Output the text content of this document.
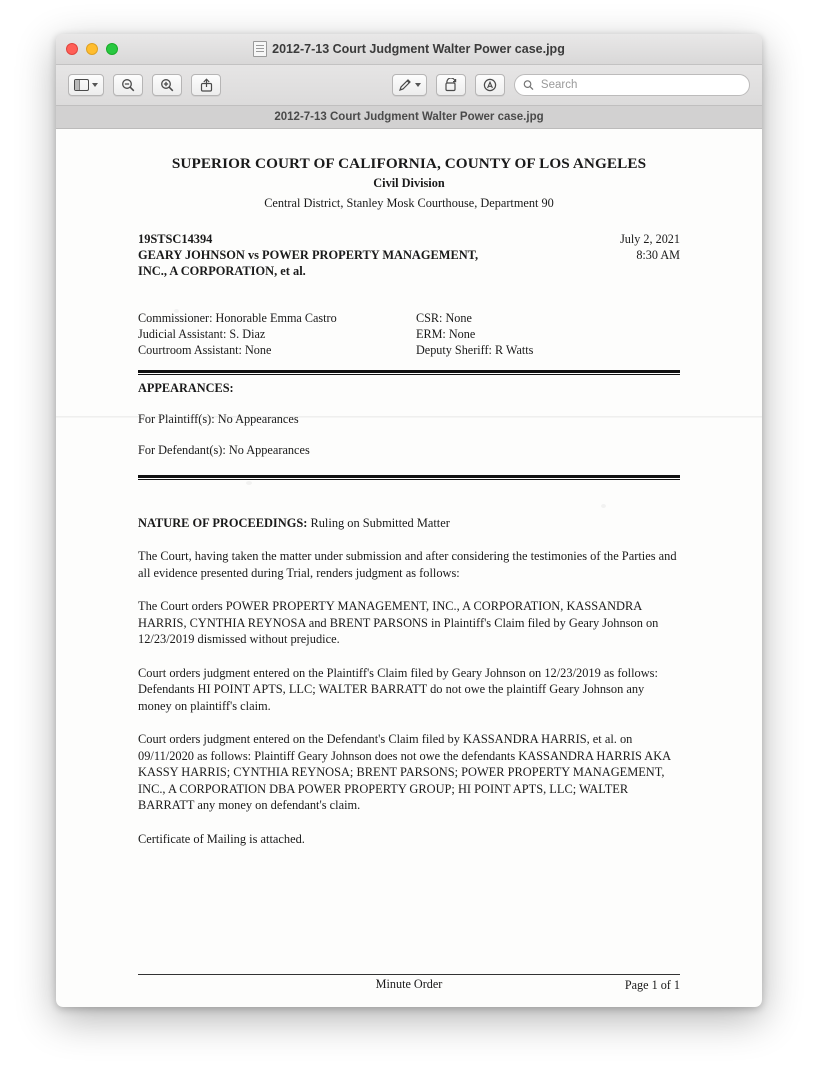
2012-7-13 Court Judgment Walter Power case.jpg
Search
2012-7-13 Court Judgment Walter Power case.jpg
SUPERIOR COURT OF CALIFORNIA, COUNTY OF LOS ANGELES
Civil Division
Central District, Stanley Mosk Courthouse, Department 90
19STSC14394
GEARY JOHNSON vs POWER PROPERTY MANAGEMENT,
INC., A CORPORATION, et al.
July 2, 2021
8:30 AM
Commissioner: Honorable Emma Castro
Judicial Assistant: S. Diaz
Courtroom Assistant: None
CSR: None
ERM: None
Deputy Sheriff: R Watts
APPEARANCES:
For Plaintiff(s): No Appearances
For Defendant(s): No Appearances
NATURE OF PROCEEDINGS: Ruling on Submitted Matter
The Court, having taken the matter under submission and after considering the testimonies of the Parties and all evidence presented during Trial, renders judgment as follows:
The Court orders POWER PROPERTY MANAGEMENT, INC., A CORPORATION, KASSANDRA HARRIS, CYNTHIA REYNOSA and BRENT PARSONS in Plaintiff's Claim filed by Geary Johnson on 12/23/2019 dismissed without prejudice.
Court orders judgment entered on the Plaintiff's Claim filed by Geary Johnson on 12/23/2019 as follows: Defendants HI POINT APTS, LLC; WALTER BARRATT do not owe the plaintiff Geary Johnson any money on plaintiff's claim.
Court orders judgment entered on the Defendant's Claim filed by KASSANDRA HARRIS, et al. on 09/11/2020 as follows: Plaintiff Geary Johnson does not owe the defendants KASSANDRA HARRIS AKA KASSY HARRIS; CYNTHIA REYNOSA; BRENT PARSONS; POWER PROPERTY MANAGEMENT, INC., A CORPORATION DBA POWER PROPERTY GROUP; HI POINT APTS, LLC; WALTER BARRATT any money on defendant's claim.
Certificate of Mailing is attached.
Minute Order	Page 1 of 1
